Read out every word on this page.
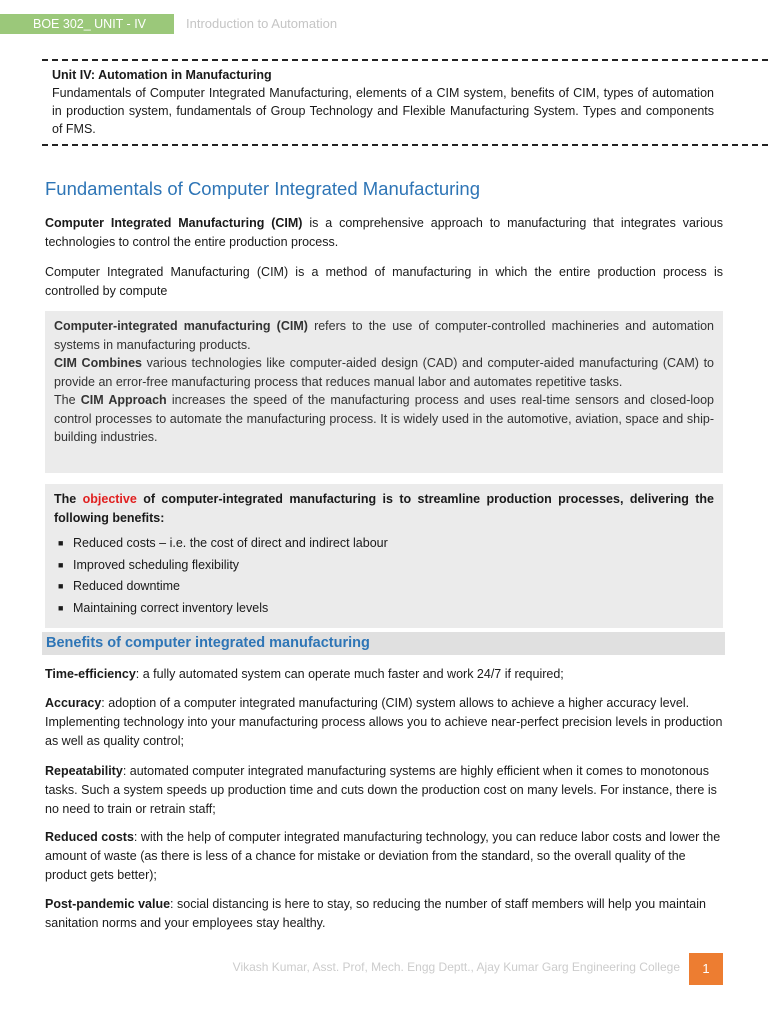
BOE 302_ UNIT - IV	Introduction to Automation
Unit IV: Automation in Manufacturing
Fundamentals of Computer Integrated Manufacturing, elements of a CIM system, benefits of CIM, types of automation in production system, fundamentals of Group Technology and Flexible Manufacturing System. Types and components of FMS.
Fundamentals of Computer Integrated Manufacturing

Computer Integrated Manufacturing (CIM) is a comprehensive approach to manufacturing that integrates various technologies to control the entire production process.

Computer Integrated Manufacturing (CIM) is a method of manufacturing in which the entire production process is controlled by compute

Computer-integrated manufacturing (CIM) refers to the use of computer-controlled machineries and automation systems in manufacturing products.

CIM Combines various technologies like computer-aided design (CAD) and computer-aided manufacturing (CAM) to provide an error-free manufacturing process that reduces manual labor and automates repetitive tasks.

The CIM Approach increases the speed of the manufacturing process and uses real-time sensors and closed-loop control processes to automate the manufacturing process. It is widely used in the automotive, aviation, space and ship-building industries.

The objective of computer-integrated manufacturing is to streamline production processes, delivering the following benefits:

■ Reduced costs – i.e. the cost of direct and indirect labour
■ Improved scheduling flexibility
■ Reduced downtime
■ Maintaining correct inventory levels
Benefits of computer integrated manufacturing

Time-efficiency: a fully automated system can operate much faster and work 24/7 if required;

Accuracy: adoption of a computer integrated manufacturing (CIM) system allows to achieve a higher accuracy level. Implementing technology into your manufacturing process allows you to achieve near-perfect precision levels in production as well as quality control;

Repeatability: automated computer integrated manufacturing systems are highly efficient when it comes to monotonous tasks. Such a system speeds up production time and cuts down the production cost on many levels. For instance, there is no need to train or retrain staff;

Reduced costs: with the help of computer integrated manufacturing technology, you can reduce labor costs and lower the amount of waste (as there is less of a chance for mistake or deviation from the standard, so the overall quality of the product gets better);

Post-pandemic value: social distancing is here to stay, so reducing the number of staff members will help you maintain sanitation norms and your employees stay healthy.

Vikash Kumar, Asst. Prof, Mech. Engg Deptt., Ajay Kumar Garg Engineering College	1
